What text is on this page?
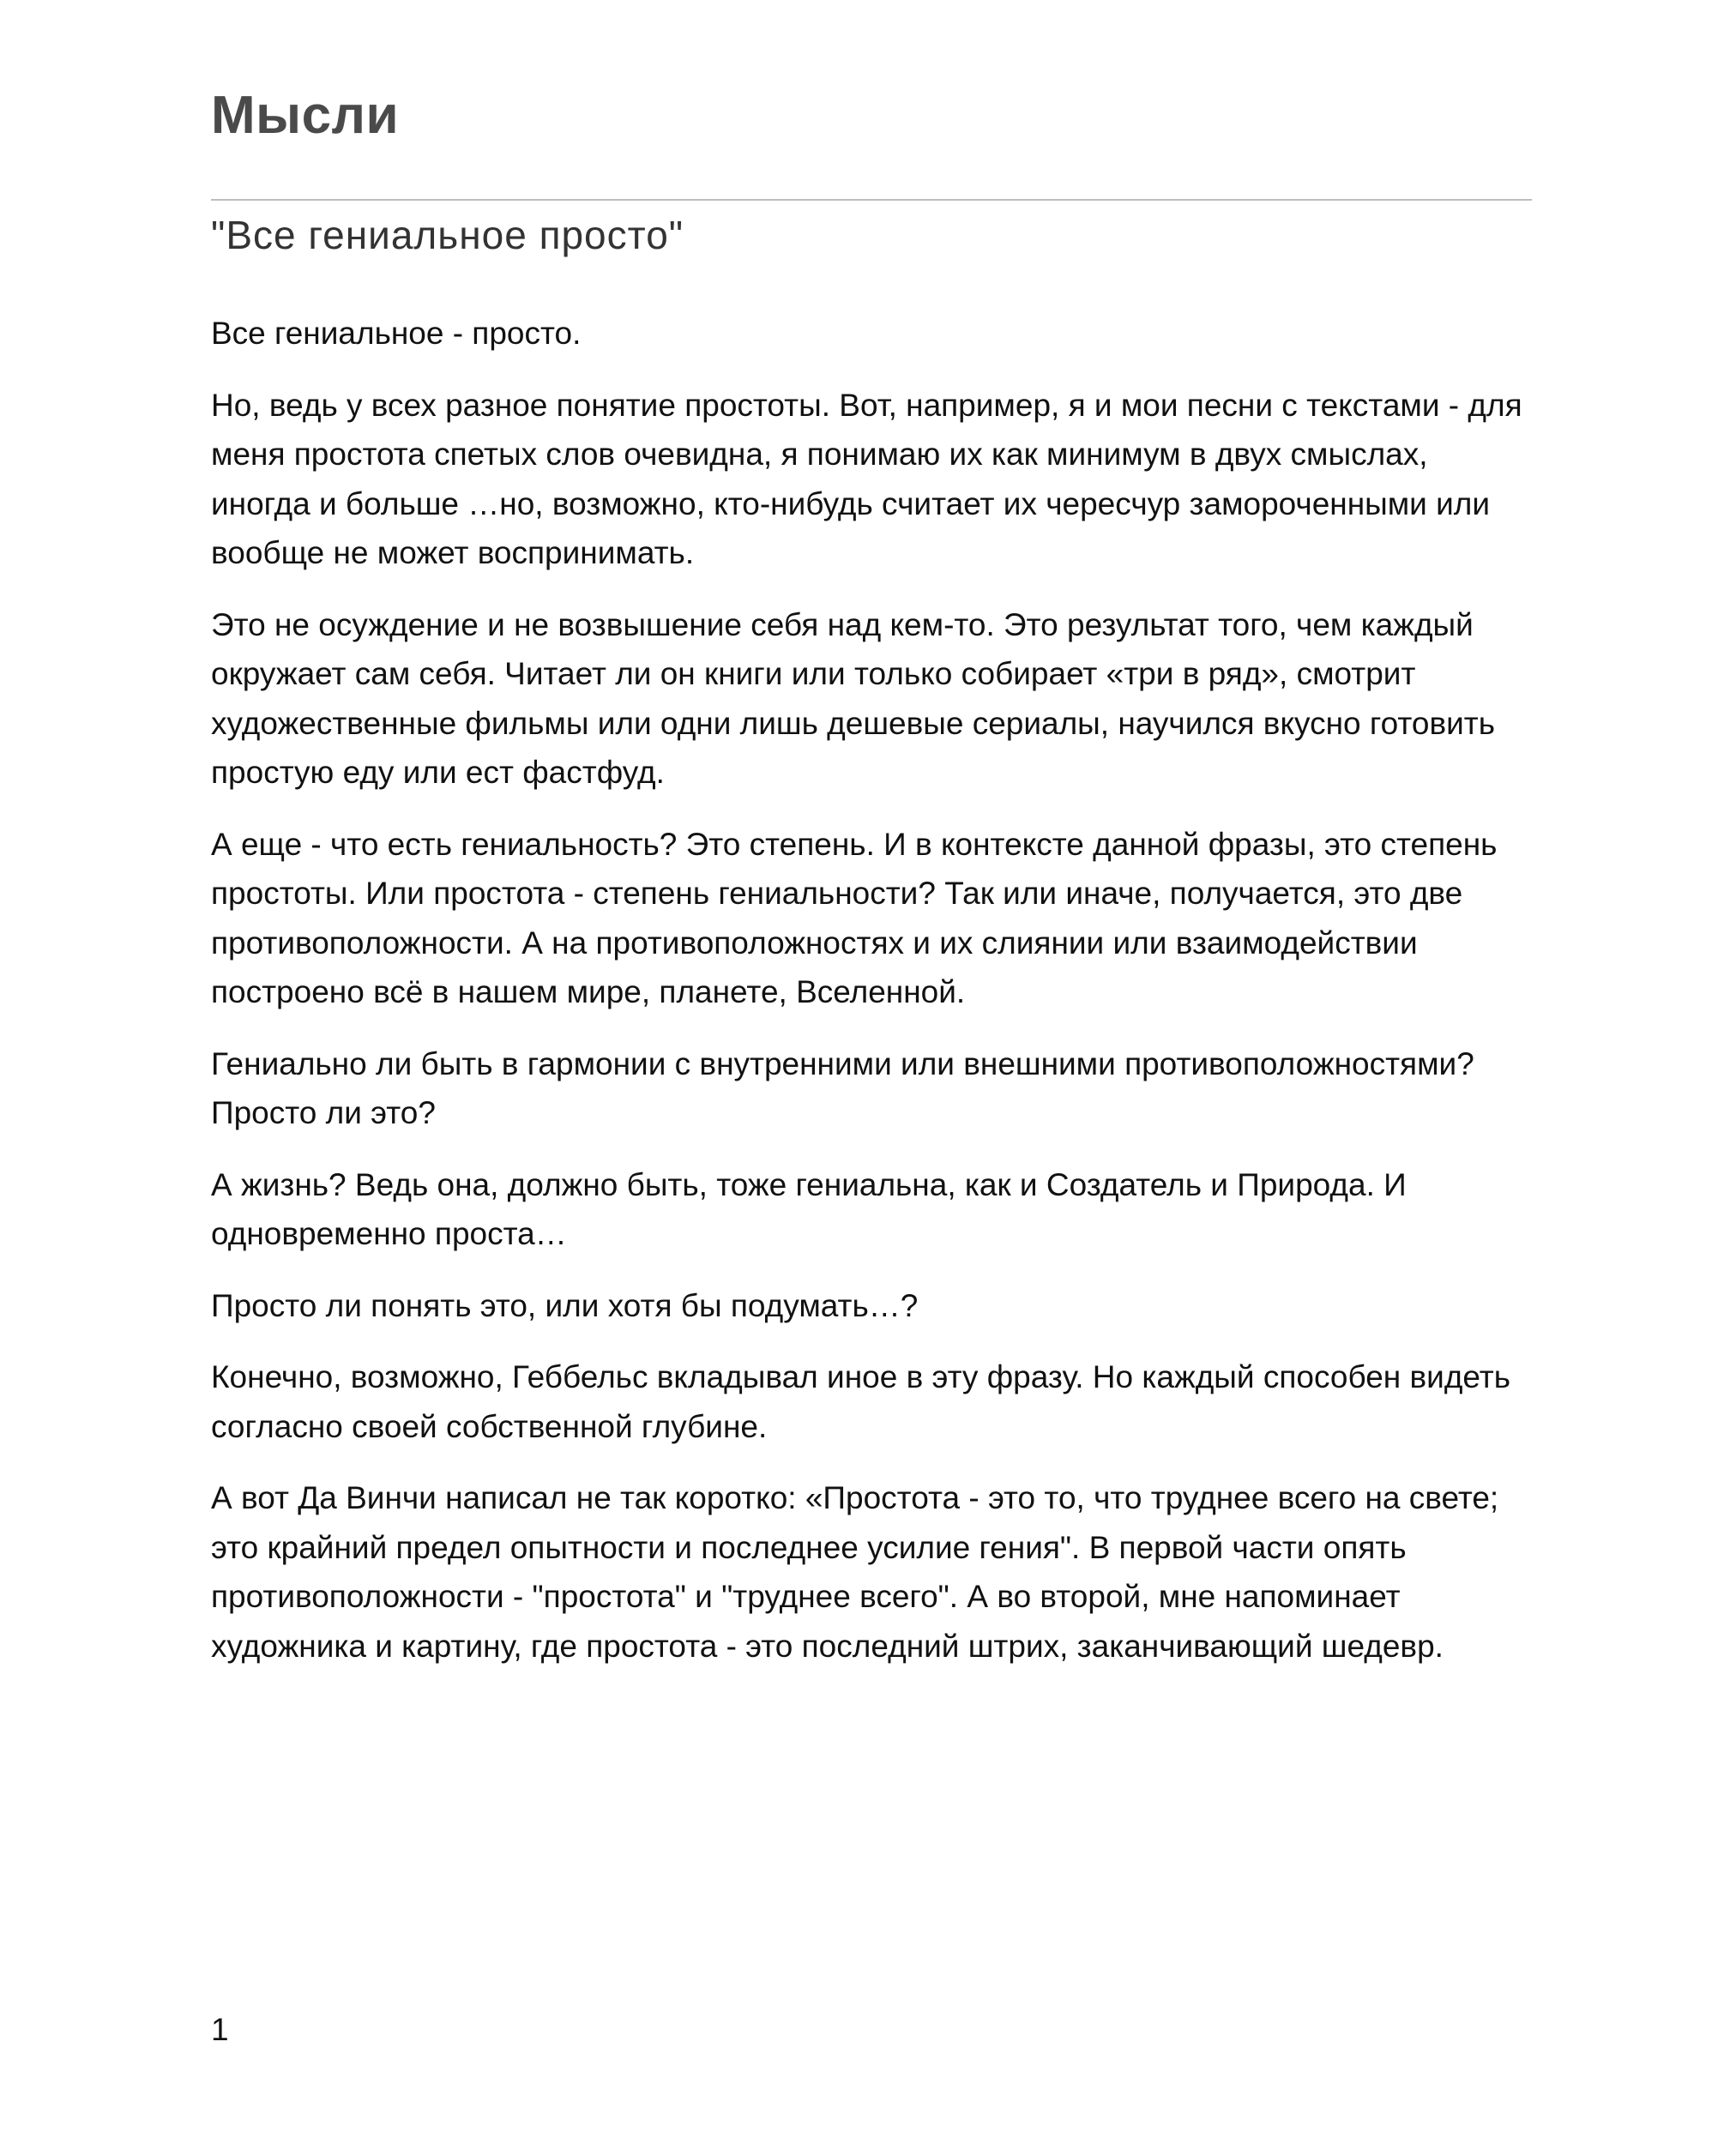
Мысли
"Все гениальное просто"

Все гениальное - просто.

Но, ведь у всех разное понятие простоты. Вот, например, я и мои песни с текстами - для меня простота спетых слов очевидна, я понимаю их как минимум в двух смыслах, иногда и больше …но, возможно, кто-нибудь считает их чересчур замороченными или вообще не может воспринимать.

Это не осуждение и не возвышение себя над кем-то. Это результат того, чем каждый окружает сам себя. Читает ли он книги или только собирает «три в ряд», смотрит художественные фильмы или одни лишь дешевые сериалы, научился вкусно готовить простую еду или ест фастфуд.

А еще - что есть гениальность? Это степень. И в контексте данной фразы, это степень простоты. Или простота - степень гениальности? Так или иначе, получается, это две противоположности. А на противоположностях и их слиянии или взаимодействии построено всё в нашем мире, планете, Вселенной.

Гениально ли быть в гармонии с внутренними или внешними противоположностями? Просто ли это?

А жизнь? Ведь она, должно быть, тоже гениальна, как и Создатель и Природа. И одновременно проста…

Просто ли понять это, или хотя бы подумать…?

Конечно, возможно, Геббельс вкладывал иное в эту фразу. Но каждый способен видеть согласно своей собственной глубине.

А вот Да Винчи написал не так коротко: «Простота - это то, что труднее всего на свете; это крайний предел опытности и последнее усилие гения". В первой части опять противоположности - "простота" и "труднее всего". А во второй, мне напоминает художника и картину, где простота - это последний штрих, заканчивающий шедевр.

1
